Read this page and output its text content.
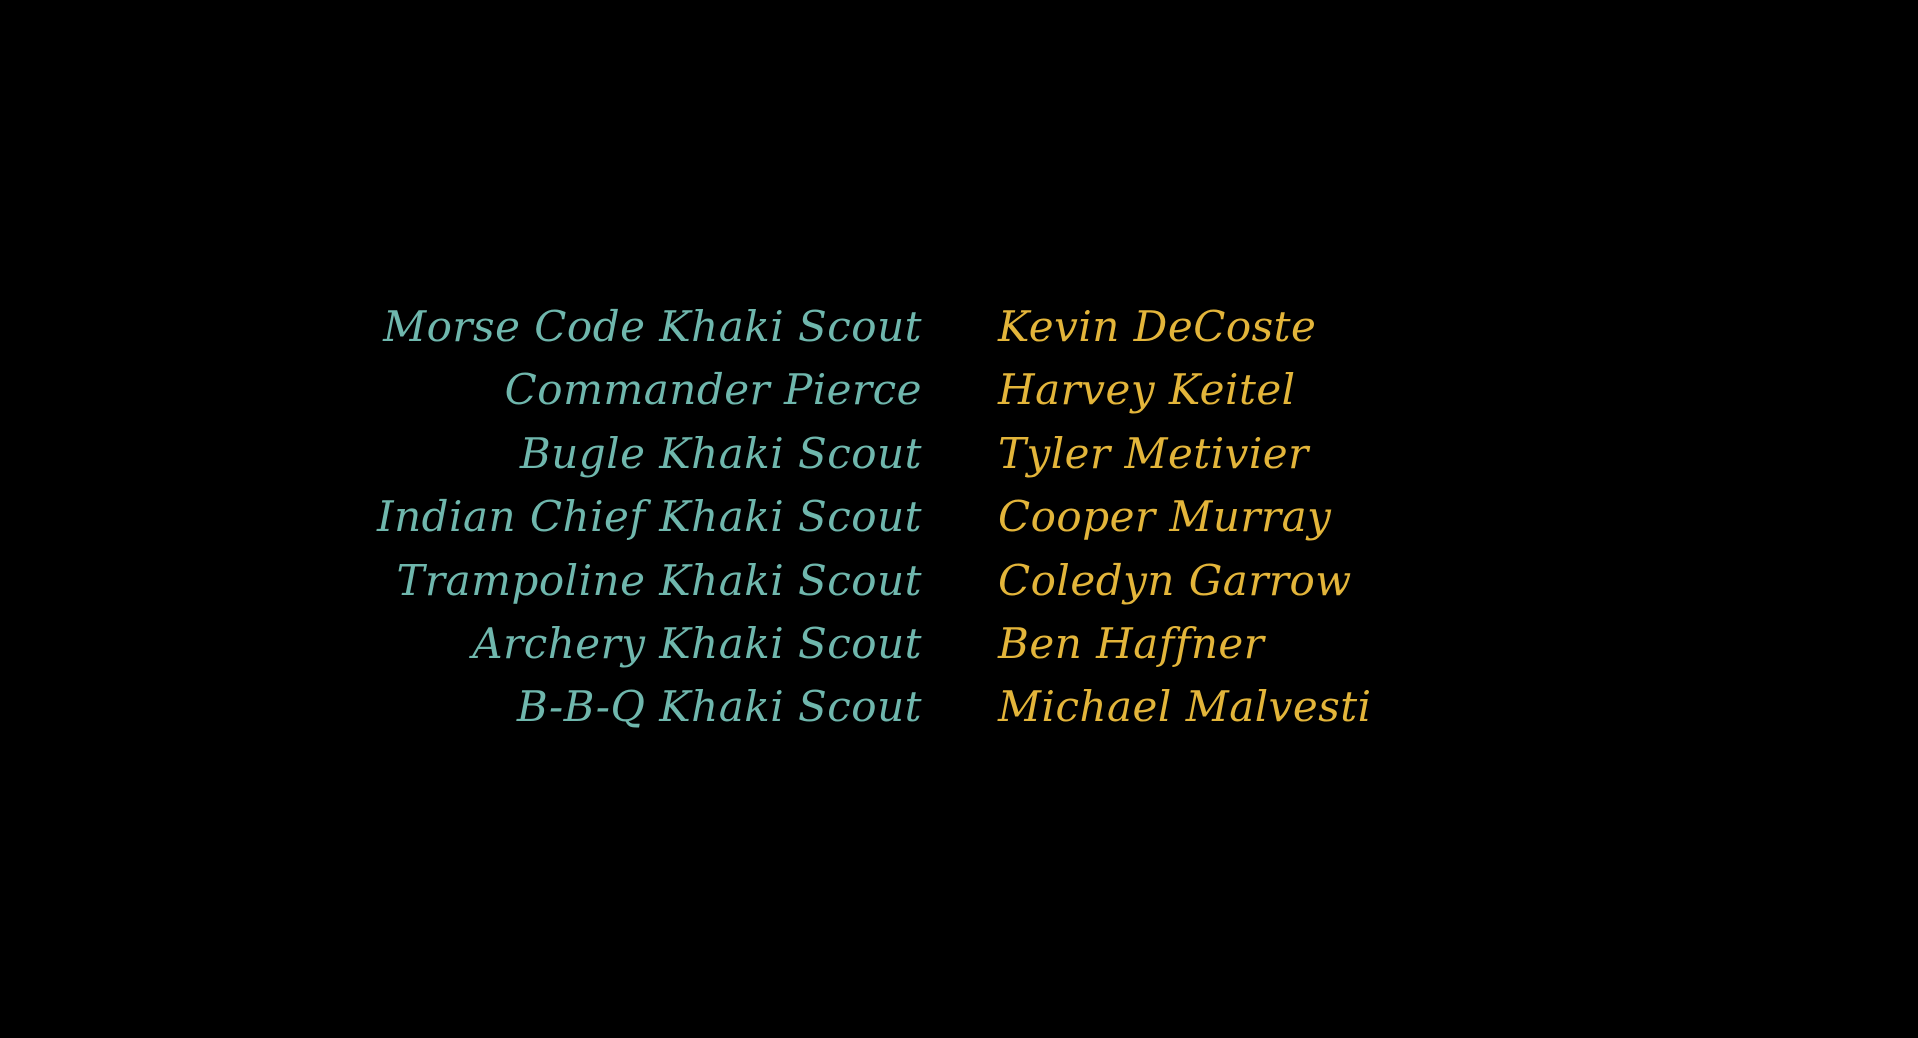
Morse Code Khaki Scout Kevin DeCoste
Commander Pierce Harvey Keitel
Bugle Khaki Scout Tyler Metivier
Indian Chief Khaki Scout Cooper Murray
Trampoline Khaki Scout Coledyn Garrow
Archery Khaki Scout Ben Haffner
B-B-Q Khaki Scout Michael Malvesti
